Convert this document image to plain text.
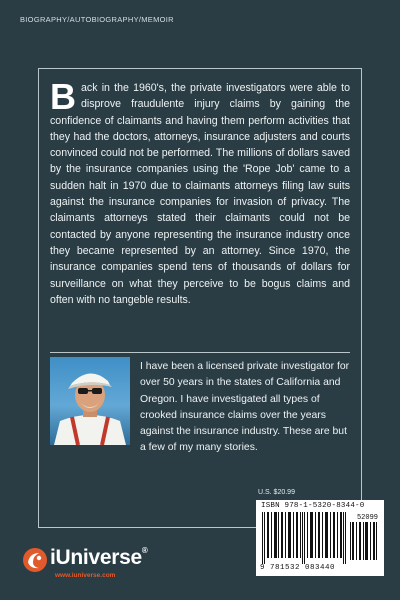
BIOGRAPHY/AUTOBIOGRAPHY/MEMOIR
Back in the 1960's, the private investigators were able to disprove fraudulente injury claims by gaining the confidence of claimants and having them perform activities that they had the doctors, attorneys, insurance adjusters and courts convinced could not be performed. The millions of dollars saved by the insurance companies using the 'Rope Job' came to a sudden halt in 1970 due to claimants attorneys filing law suits against the insurance companies for invasion of privacy. The claimants attorneys stated their claimants could not be contacted by anyone representing the insurance industry once they became represented by an attorney. Since 1970, the insurance companies spend tens of thousands of dollars for surveillance on what they perceive to be bogus claims and often with no tangeble results.
I have been a licensed private investigator for over 50 years in the states of California and Oregon. I have investigated all types of crooked insurance claims over the years against the insurance industry. These are but a few of my many stories.
U.S. $20.99
ISBN 978-1-5320-8344-0
52099
9 781532 083440
iUniverse®
www.iuniverse.com
